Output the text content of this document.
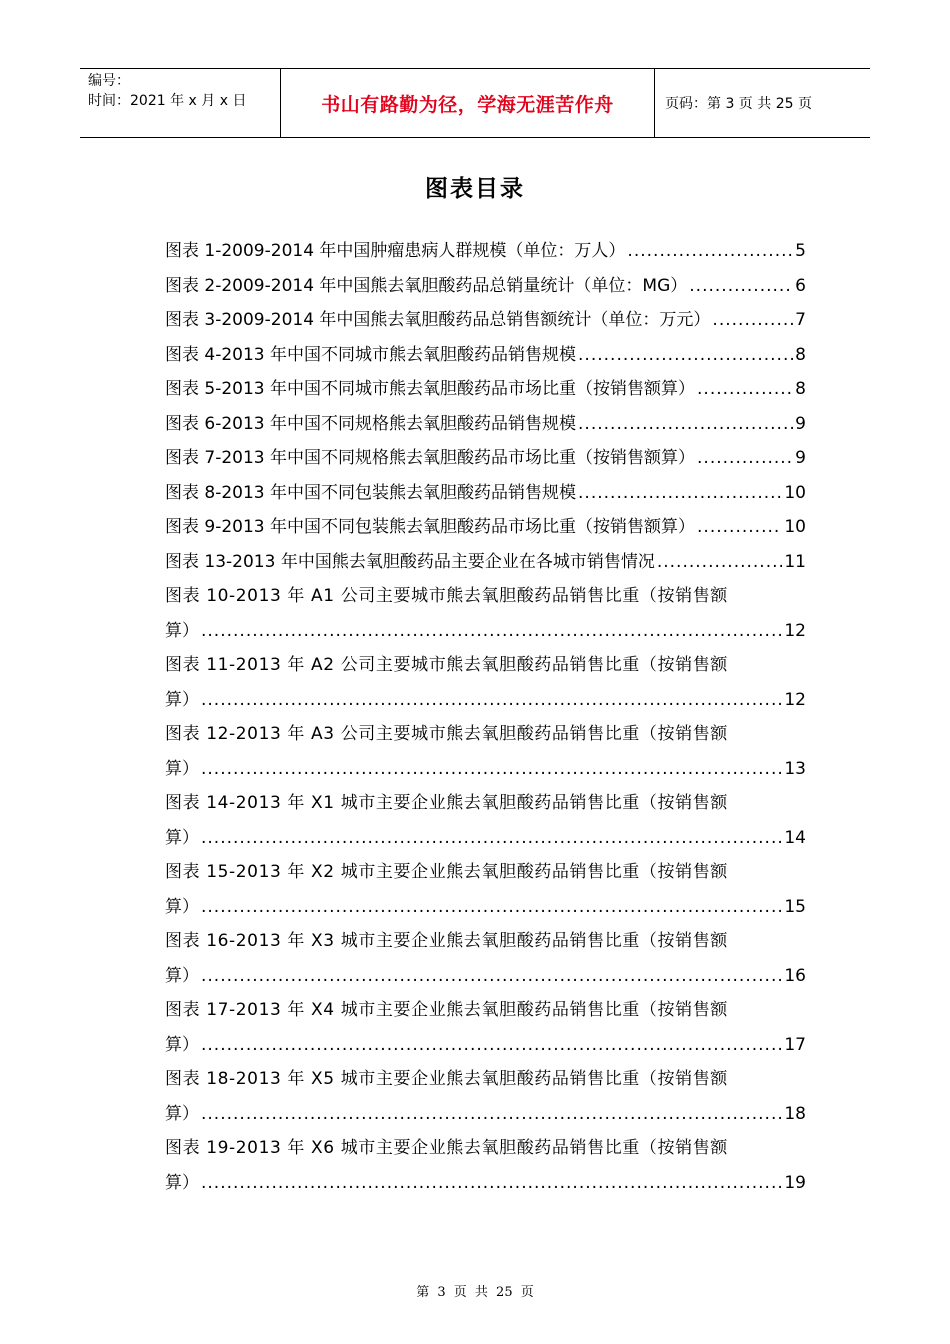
编号：
时间：2021 年 x 月 x 日	书山有路勤为径，学海无涯苦作舟	页码：第 3 页 共 25 页
图表目录
图表 1-2009-2014 年中国肿瘤患病人群规模（单位：万人） .....	5
图表 2-2009-2014 年中国熊去氧胆酸药品总销量统计（单位：MG） .....	6
图表 3-2009-2014 年中国熊去氧胆酸药品总销售额统计（单位：万元） .....	7
图表 4-2013 年中国不同城市熊去氧胆酸药品销售规模 .....	8
图表 5-2013 年中国不同城市熊去氧胆酸药品市场比重（按销售额算） .....	8
图表 6-2013 年中国不同规格熊去氧胆酸药品销售规模 .....	9
图表 7-2013 年中国不同规格熊去氧胆酸药品市场比重（按销售额算） .....	9
图表 8-2013 年中国不同包装熊去氧胆酸药品销售规模 .....	10
图表 9-2013 年中国不同包装熊去氧胆酸药品市场比重（按销售额算） .....	10
图表 13-2013 年中国熊去氧胆酸药品主要企业在各城市销售情况 .....	11
图表 10-2013 年 A1 公司主要城市熊去氧胆酸药品销售比重（按销售额
算） .....	12
图表 11-2013 年 A2 公司主要城市熊去氧胆酸药品销售比重（按销售额
算） .....	12
图表 12-2013 年 A3 公司主要城市熊去氧胆酸药品销售比重（按销售额
算） .....	13
图表 14-2013 年 X1 城市主要企业熊去氧胆酸药品销售比重（按销售额
算） .....	14
图表 15-2013 年 X2 城市主要企业熊去氧胆酸药品销售比重（按销售额
算） .....	15
图表 16-2013 年 X3 城市主要企业熊去氧胆酸药品销售比重（按销售额
算） .....	16
图表 17-2013 年 X4 城市主要企业熊去氧胆酸药品销售比重（按销售额
算） .....	17
图表 18-2013 年 X5 城市主要企业熊去氧胆酸药品销售比重（按销售额
算） .....	18
图表 19-2013 年 X6 城市主要企业熊去氧胆酸药品销售比重（按销售额
算） .....	19
第 3 页 共 25 页
